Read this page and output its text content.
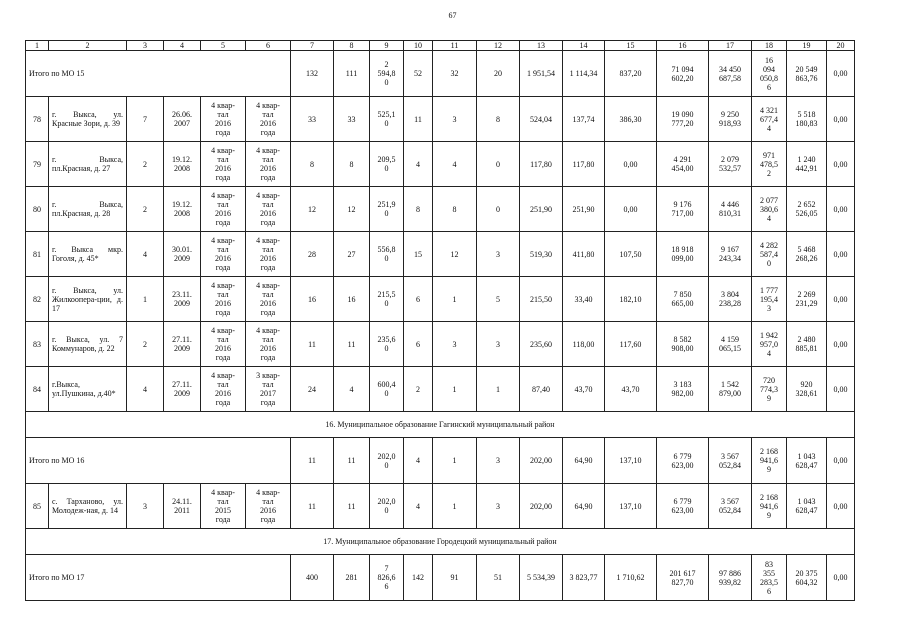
67
1	2	3	4	5	6	7	8	9	10	11	12	13	14	15	16	17	18	19	20
Итого по МО 15						132	111	2
594,8
0	52	32	20	1 951,54	1 114,34	837,20	71 094
602,20	34 450
687,58	16
094
050,8
6	20 549
863,76	0,00
78	г. Выкса, ул. Красные Зори, д. 39	7	26.06.
2007	4 квар-
тал
2016
года	4 квар-
тал
2016
года	33	33	525,1
0	11	3	8	524,04	137,74	386,30	19 090
777,20	9 250
918,93	4 321
677,4
4	5 518
180,83	0,00
79	г. Выкса, пл.Красная, д. 27	2	19.12.
2008	4 квар-
тал
2016
года	4 квар-
тал
2016
года	8	8	209,5
0	4	4	0	117,80	117,80	0,00	4 291
454,00	2 079
532,57	971
478,5
2	1 240
442,91	0,00
80	г. Выкса, пл.Красная, д. 28	2	19.12.
2008	4 квар-
тал
2016
года	4 квар-
тал
2016
года	12	12	251,9
0	8	8	0	251,90	251,90	0,00	9 176
717,00	4 446
810,31	2 077
380,6
4	2 652
526,05	0,00
81	г. Выкса мкр. Гоголя, д. 45*	4	30.01.
2009	4 квар-
тал
2016
года	4 квар-
тал
2016
года	28	27	556,8
0	15	12	3	519,30	411,80	107,50	18 918
099,00	9 167
243,34	4 282
587,4
0	5 468
268,26	0,00
82	г. Выкса, ул. Жилкоопера-ции, д. 17	1	23.11.
2009	4 квар-
тал
2016
года	4 квар-
тал
2016
года	16	16	215,5
0	6	1	5	215,50	33,40	182,10	7 850
665,00	3 804
238,28	1 777
195,4
3	2 269
231,29	0,00
83	г. Выкса, ул. 7 Коммунаров, д. 22	2	27.11.
2009	4 квар-
тал
2016
года	4 квар-
тал
2016
года	11	11	235,6
0	6	3	3	235,60	118,00	117,60	8 582
908,00	4 159
065,15	1 942
957,0
4	2 480
885,81	0,00
84	г.Выкса, ул.Пушкина, д.40*	4	27.11.
2009	4 квар-
тал
2016
года	3 квар-
тал
2017
года	24	4	600,4
0	2	1	1	87,40	43,70	43,70	3 183
982,00	1 542
879,00	720
774,3
9	920
328,61	0,00
16. Муниципальное образование Гагинский муниципальный район																			
Итого по МО 16						11	11	202,0
0	4	1	3	202,00	64,90	137,10	6 779
623,00	3 567
052,84	2 168
941,6
9	1 043
628,47	0,00
85	с. Тарханово, ул. Молодеж-ная, д. 14	3	24.11.
2011	4 квар-
тал
2015
года	4 квар-
тал
2016
года	11	11	202,0
0	4	1	3	202,00	64,90	137,10	6 779
623,00	3 567
052,84	2 168
941,6
9	1 043
628,47	0,00
17. Муниципальное образование Городецкий муниципальный район																			
Итого по МО 17						400	281	7
826,6
6	142	91	51	5 534,39	3 823,77	1 710,62	201 617
827,70	97 886
939,82	83
355
283,5
6	20 375
604,32	0,00
